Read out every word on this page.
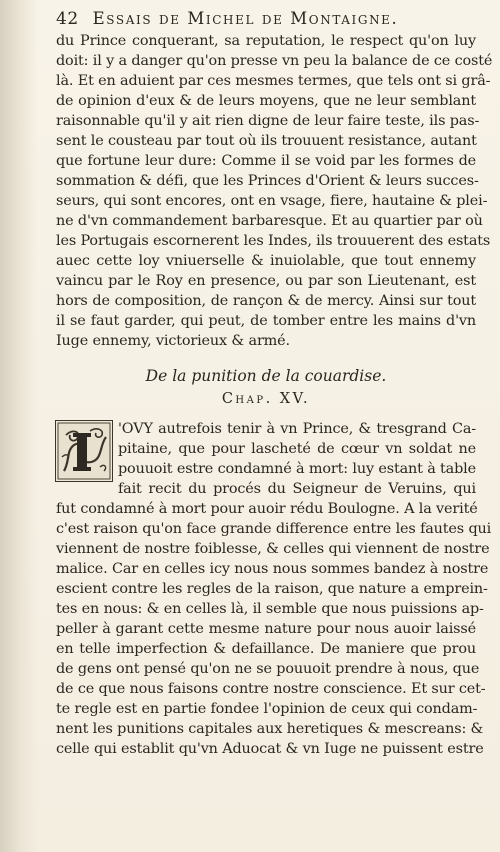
42 Essais de Michel de Montaigne.
du Prince conquerant, sa reputation, le respect qu'on luy
doit: il y a danger qu'on presse vn peu la balance de ce costé
là. Et en aduient par ces mesmes termes, que tels ont si grâ-
de opinion d'eux & de leurs moyens, que ne leur semblant
raisonnable qu'il y ait rien digne de leur faire teste, ils pas-
sent le cousteau par tout où ils trouuent resistance, autant
que fortune leur dure: Comme il se void par les formes de
sommation & défi, que les Princes d'Orient & leurs succes-
seurs, qui sont encores, ont en vsage, fiere, hautaine & plei-
ne d'vn commandement barbaresque. Et au quartier par où
les Portugais escornerent les Indes, ils trouuerent des estats
auec cette loy vniuerselle & inuiolable, que tout ennemy
vaincu par le Roy en presence, ou par son Lieutenant, est
hors de composition, de rançon & de mercy. Ainsi sur tout
il se faut garder, qui peut, de tomber entre les mains d'vn
Iuge ennemy, victorieux & armé.
De la punition de la couardise.
Chap. XV.
'OVY autrefois tenir à vn Prince, & tresgrand Ca-
pitaine, que pour lascheté de cœur vn soldat ne
pouuoit estre condamné à mort: luy estant à table
fait recit du procés du Seigneur de Veruins, qui
fut condamné à mort pour auoir rédu Boulogne. A la verité
c'est raison qu'on face grande difference entre les fautes qui
viennent de nostre foiblesse, & celles qui viennent de nostre
malice. Car en celles icy nous nous sommes bandez à nostre
escient contre les regles de la raison, que nature a emprein-
tes en nous: & en celles là, il semble que nous puissions ap-
peller à garant cette mesme nature pour nous auoir laissé
en telle imperfection & defaillance. De maniere que prou
de gens ont pensé qu'on ne se pouuoit prendre à nous, que
de ce que nous faisons contre nostre conscience. Et sur cet-
te regle est en partie fondee l'opinion de ceux qui condam-
nent les punitions capitales aux heretiques & mescreans: &
celle qui establit qu'vn Aduocat & vn Iuge ne puissent estre
